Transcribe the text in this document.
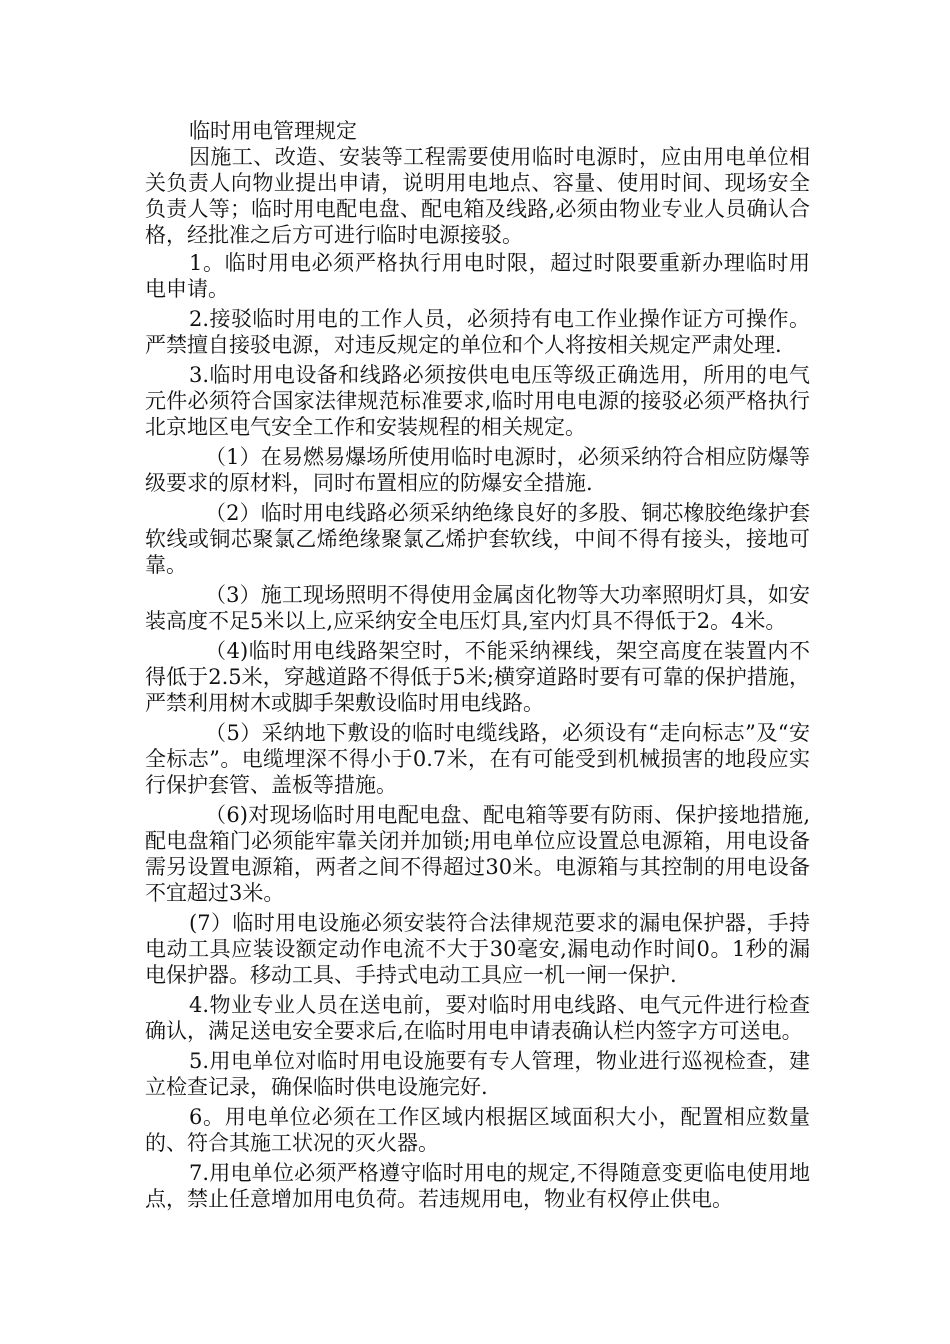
临时用电管理规定

因施工、改造、安装等工程需要使用临时电源时，应由用电单位相关负责人向物业提出申请，说明用电地点、容量、使用时间、现场安全负责人等；临时用电配电盘、配电箱及线路,必须由物业专业人员确认合格，经批准之后方可进行临时电源接驳。

1。临时用电必须严格执行用电时限，超过时限要重新办理临时用电申请。

2.接驳临时用电的工作人员，必须持有电工作业操作证方可操作。严禁擅自接驳电源，对违反规定的单位和个人将按相关规定严肃处理.

3.临时用电设备和线路必须按供电电压等级正确选用，所用的电气元件必须符合国家法律规范标准要求,临时用电电源的接驳必须严格执行北京地区电气安全工作和安装规程的相关规定。

（1）在易燃易爆场所使用临时电源时，必须采纳符合相应防爆等级要求的原材料，同时布置相应的防爆安全措施.

（2）临时用电线路必须采纳绝缘良好的多股、铜芯橡胶绝缘护套软线或铜芯聚氯乙烯绝缘聚氯乙烯护套软线，中间不得有接头，接地可靠。

（3）施工现场照明不得使用金属卤化物等大功率照明灯具，如安装高度不足5米以上,应采纳安全电压灯具,室内灯具不得低于2。4米。

（4)临时用电线路架空时，不能采纳裸线，架空高度在装置内不得低于2.5米，穿越道路不得低于5米;横穿道路时要有可靠的保护措施，严禁利用树木或脚手架敷设临时用电线路。

（5）采纳地下敷设的临时电缆线路，必须设有“走向标志”及“安全标志”。电缆埋深不得小于0.7米，在有可能受到机械损害的地段应实行保护套管、盖板等措施。

（6)对现场临时用电配电盘、配电箱等要有防雨、保护接地措施,配电盘箱门必须能牢靠关闭并加锁;用电单位应设置总电源箱，用电设备需另设置电源箱，两者之间不得超过30米。电源箱与其控制的用电设备不宜超过3米。

(7）临时用电设施必须安装符合法律规范要求的漏电保护器，手持电动工具应装设额定动作电流不大于30毫安,漏电动作时间0。1秒的漏电保护器。移动工具、手持式电动工具应一机一闸一保护.

4.物业专业人员在送电前，要对临时用电线路、电气元件进行检查确认，满足送电安全要求后,在临时用电申请表确认栏内签字方可送电。

5.用电单位对临时用电设施要有专人管理，物业进行巡视检查，建立检查记录，确保临时供电设施完好.

6。用电单位必须在工作区域内根据区域面积大小，配置相应数量的、符合其施工状况的灭火器。

7.用电单位必须严格遵守临时用电的规定,不得随意变更临电使用地点，禁止任意增加用电负荷。若违规用电，物业有权停止供电。
